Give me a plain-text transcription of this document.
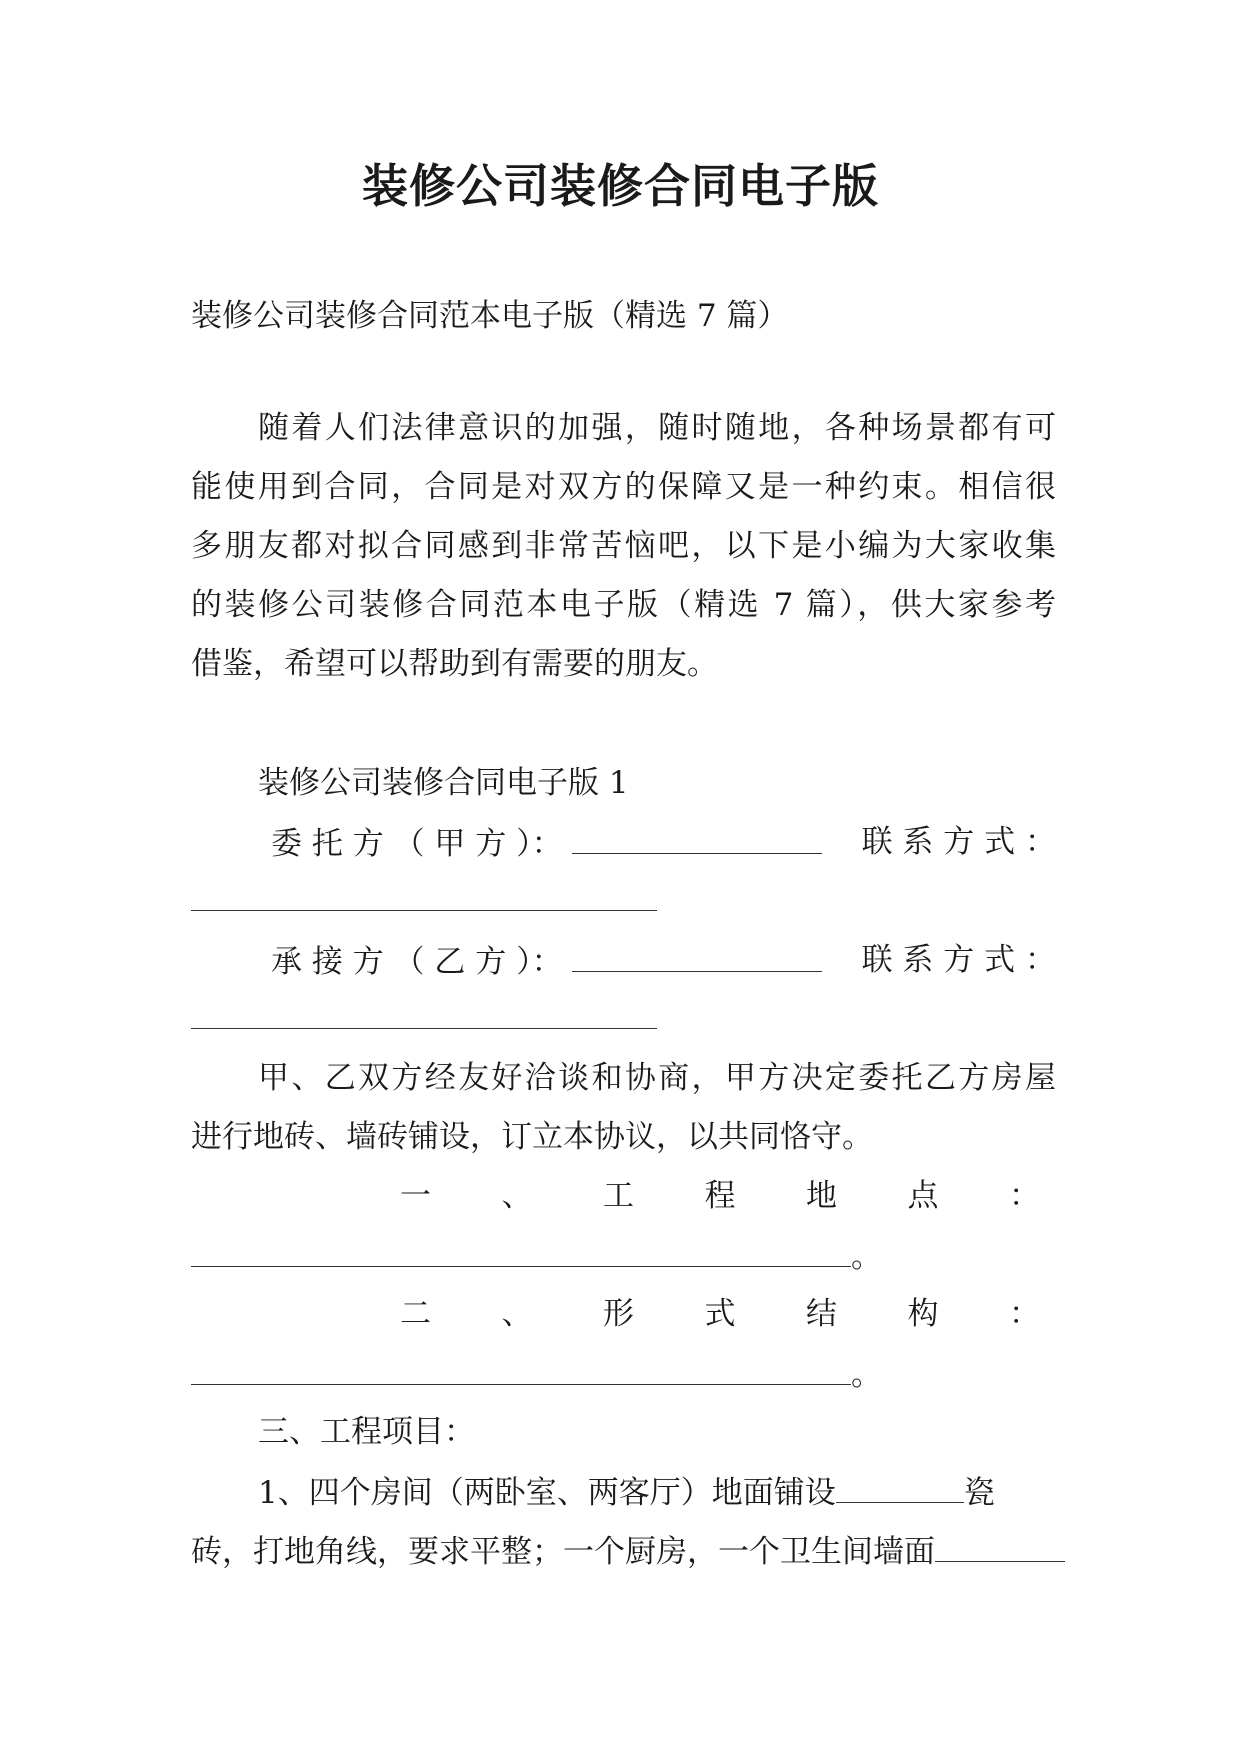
装修公司装修合同电子版

装修公司装修合同范本电子版（精选 7 篇）

随着人们法律意识的加强，随时随地，各种场景都有可

能使用到合同，合同是对双方的保障又是一种约束。相信很

多朋友都对拟合同感到非常苦恼吧，以下是小编为大家收集

的装修公司装修合同范本电子版（精选 7 篇），供大家参考

借鉴，希望可以帮助到有需要的朋友。

装修公司装修合同电子版 1

委 托 方 （ 甲 方 ）：	联 系 方 式 ：
承 接 方 （ 乙 方 ）：	联 系 方 式 ：

甲、乙双方经友好洽谈和协商，甲方决定委托乙方房屋

进行地砖、墙砖铺设，订立本协议，以共同恪守。

一 、 工 程 地 点 ：
。
二 、 形 式 结 构 ：
。

三、工程项目：

1、四个房间（两卧室、两客厅）地面铺设	瓷
砖，打地角线，要求平整；一个厨房，一个卫生间墙面
